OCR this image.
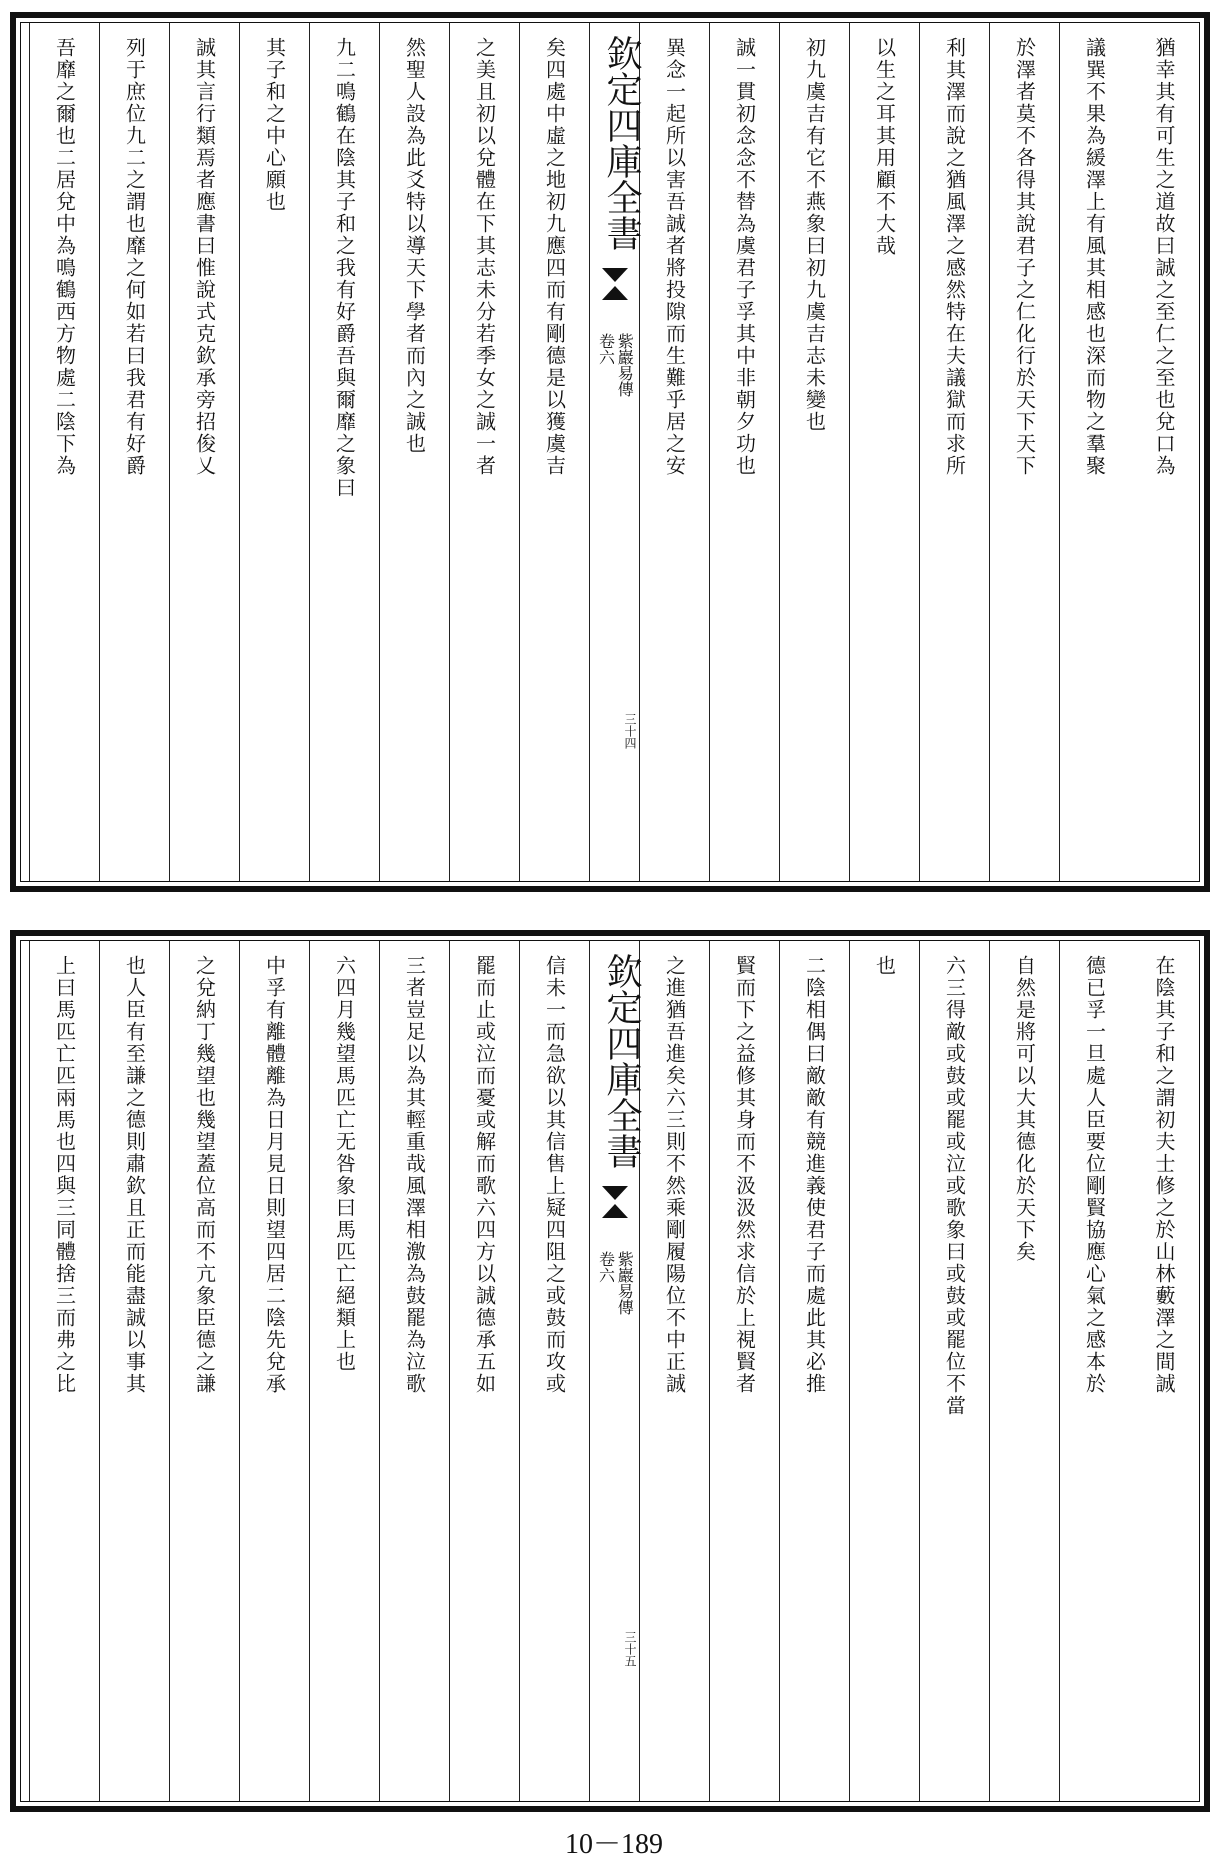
猶幸其有可生之道故曰誠之至仁之至也兌口為
議巽不果為緩澤上有風其相感也深而物之羣聚
於澤者莫不各得其說君子之仁化行於天下天下
利其澤而說之猶風澤之感然特在夫議獄而求所
以生之耳其用顧不大哉
初九虞吉有它不燕象曰初九虞吉志未變也
誠一貫初念念不替為虞君子孚其中非朝夕功也
異念一起所以害吾誠者將投隙而生難乎居之安
欽定四庫全書
紫巖易傳
卷六
三十四
矣四處中虛之地初九應四而有剛德是以獲虞吉
之美且初以兌體在下其志未分若季女之誠一者
然聖人設為此爻特以導天下學者而內之誠也
九二鳴鶴在陰其子和之我有好爵吾與爾靡之象曰
其子和之中心願也
誠其言行類焉者應書曰惟說式克欽承旁招俊乂
列于庶位九二之謂也靡之何如若曰我君有好爵
吾靡之爾也二居兌中為鳴鶴西方物處二陰下為
在陰其子和之謂初夫士修之於山林藪澤之間誠
德已孚一旦處人臣要位剛賢協應心氣之感本於
自然是將可以大其德化於天下矣
六三得敵或鼓或罷或泣或歌象曰或鼓或罷位不當
也
二陰相偶曰敵敵有競進義使君子而處此其必推
賢而下之益修其身而不汲汲然求信於上視賢者
之進猶吾進矣六三則不然乘剛履陽位不中正誠
欽定四庫全書
紫巖易傳
卷六
三十五
信未一而急欲以其信售上疑四阻之或鼓而攻或
罷而止或泣而憂或解而歌六四方以誠德承五如
三者豈足以為其輕重哉風澤相激為鼓罷為泣歌
六四月幾望馬匹亡无咎象曰馬匹亡絕類上也
中孚有離體離為日月見日則望四居二陰先兌承
之兌納丁幾望也幾望蓋位高而不亢象臣德之謙
也人臣有至謙之德則肅欽且正而能盡誠以事其
上曰馬匹亡匹兩馬也四與三同體捨三而弗之比
10－189
